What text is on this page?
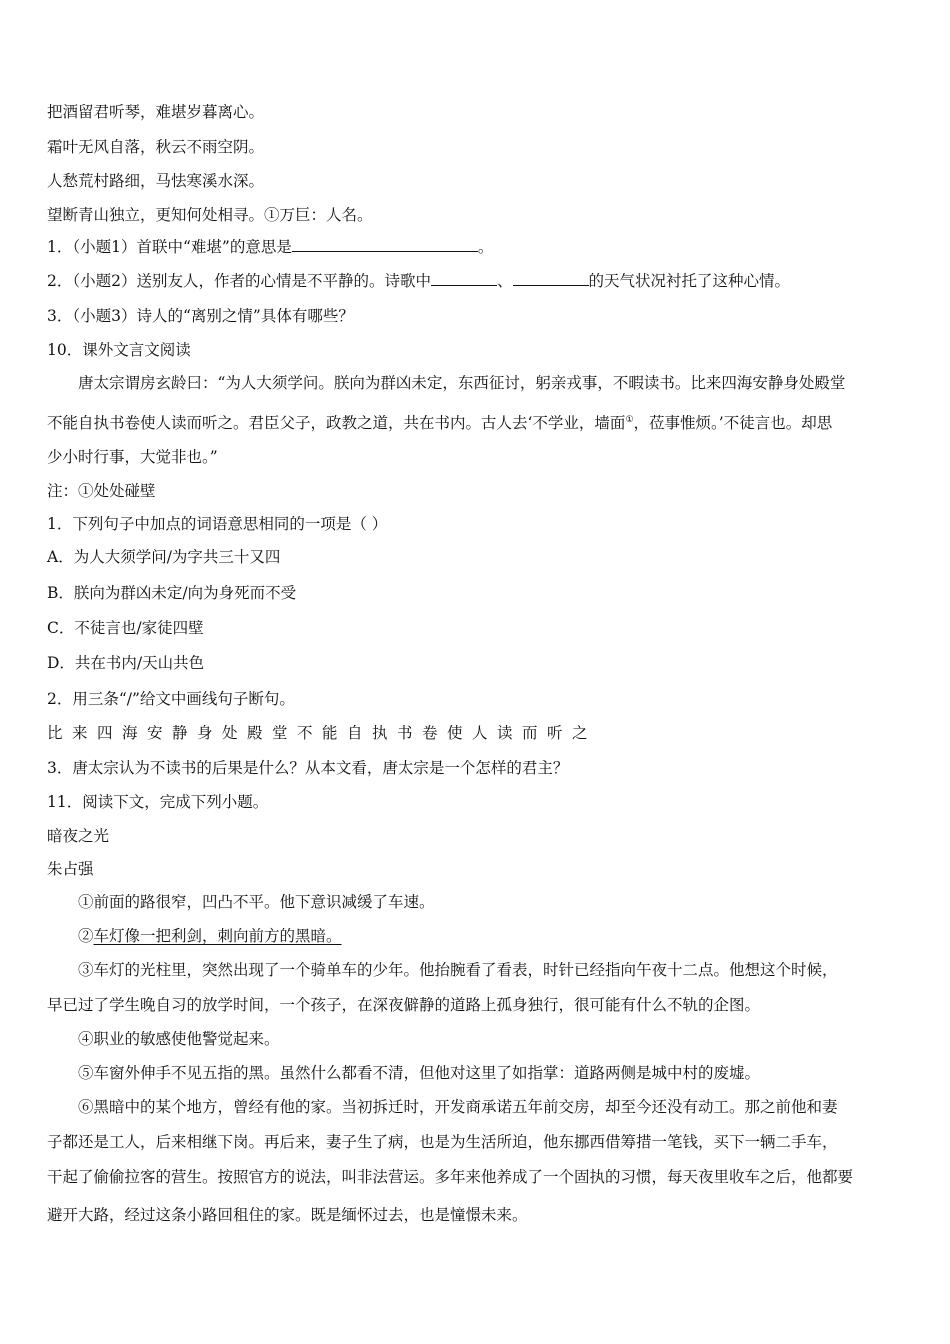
把酒留君听琴，难堪岁暮离心。
霜叶无风自落，秋云不雨空阴。
人愁荒村路细，马怯寒溪水深。
望断青山独立，更知何处相寻。①万巨：人名。
1．（小题1）首联中“难堪”的意思是	。
2．（小题2）送别友人，作者的心情是不平静的。诗歌中	、	的天气状况衬托了这种心情。
3．（小题3）诗人的“离别之情”具体有哪些？
10．课外文言文阅读
唐太宗谓房玄龄曰：“为人大须学问。朕向为群凶未定，东西征讨，躬亲戎事，不暇读书。比来四海安静身处殿堂
不能自执书卷使人读而听之。君臣父子，政教之道，共在书内。古人去‘不学业，墙面①，莅事惟烦。’不徒言也。却思
少小时行事，大觉非也。”
注：①处处碰壁
1．下列句子中加点的词语意思相同的一项是（ ）
A．为人大须学问/为字共三十又四
B．朕向为群凶未定/向为身死而不受
C．不徒言也/家徒四壁
D．共在书内/天山共色
2．用三条“/”给文中画线句子断句。
比来四海安静身处殿堂不能自执书卷使人读而听之
3．唐太宗认为不读书的后果是什么？从本文看，唐太宗是一个怎样的君主？
11．阅读下文，完成下列小题。
暗夜之光
朱占强
①前面的路很窄，凹凸不平。他下意识减缓了车速。
②车灯像一把利剑，刺向前方的黑暗。
③车灯的光柱里，突然出现了一个骑单车的少年。他抬腕看了看表，时针已经指向午夜十二点。他想这个时候，
早已过了学生晚自习的放学时间，一个孩子，在深夜僻静的道路上孤身独行，很可能有什么不轨的企图。
④职业的敏感使他警觉起来。
⑤车窗外伸手不见五指的黑。虽然什么都看不清，但他对这里了如指掌：道路两侧是城中村的废墟。
⑥黑暗中的某个地方，曾经有他的家。当初拆迁时，开发商承诺五年前交房，却至今还没有动工。那之前他和妻
子都还是工人，后来相继下岗。再后来，妻子生了病，也是为生活所迫，他东挪西借筹措一笔钱，买下一辆二手车，
干起了偷偷拉客的营生。按照官方的说法，叫非法营运。多年来他养成了一个固执的习惯，每天夜里收车之后，他都要
避开大路，经过这条小路回租住的家。既是缅怀过去，也是憧憬未来。
